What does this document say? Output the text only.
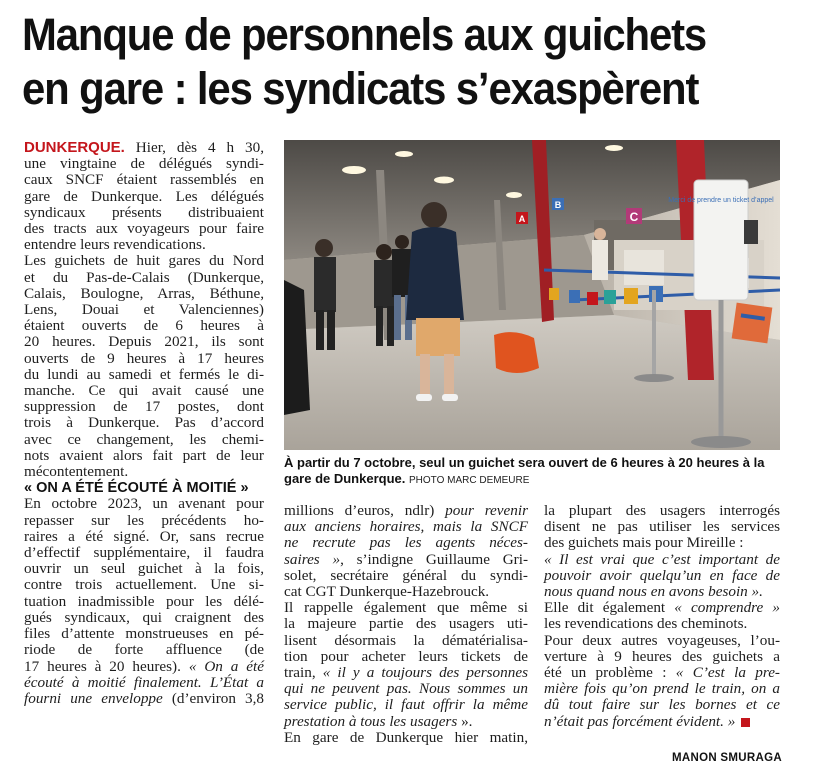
Manque de personnels aux guichets
en gare : les syndicats s’exaspèrent

DUNKERQUE. Hier, dès 4 h 30,
une vingtaine de délégués syndi-
caux SNCF étaient rassemblés en
gare de Dunkerque. Les délégués
syndicaux présents distribuaient
des tracts aux voyageurs pour faire
entendre leurs revendications.

Les guichets de huit gares du Nord
et du Pas-de-Calais (Dunkerque,
Calais, Boulogne, Arras, Béthune,
Lens, Douai et Valenciennes)
étaient ouverts de 6 heures à
20 heures. Depuis 2021, ils sont
ouverts de 9 heures à 17 heures
du lundi au samedi et fermés le di-
manche. Ce qui avait causé une
suppression de 17 postes, dont
trois à Dunkerque. Pas d’accord
avec ce changement, les chemi-
nots avaient alors fait part de leur
mécontentement.

« ON A ÉTÉ ÉCOUTÉ À MOITIÉ »

En octobre 2023, un avenant pour
repasser sur les précédents ho-
raires a été signé. Or, sans recrue
d’effectif supplémentaire, il faudra
ouvrir un seul guichet à la fois,
contre trois actuellement. Une si-
tuation inadmissible pour les délé-
gués syndicaux, qui craignent des
files d’attente monstrueuses en pé-
riode de forte affluence (de
17 heures à 20 heures). « On a été
écouté à moitié finalement. L’État a
fourni une enveloppe (d’environ 3,8

C
B
A
Merci de prendre un ticket d’appel
À partir du 7 octobre, seul un guichet sera ouvert de 6 heures à 20 heures à la gare de Dunkerque. PHOTO MARC DEMEURE
millions d’euros, ndlr) pour revenir
aux anciens horaires, mais la SNCF
ne recrute pas les agents néces-
saires », s’indigne Guillaume Gri-
solet, secrétaire général du syndi-
cat CGT Dunkerque-Hazebrouck.
Il rappelle également que même si
la majeure partie des usagers uti-
lisent désormais la dématérialisa-
tion pour acheter leurs tickets de
train, « il y a toujours des personnes
qui ne peuvent pas. Nous sommes un
service public, il faut offrir la même
prestation à tous les usagers ».
En gare de Dunkerque hier matin,
la plupart des usagers interrogés
disent ne pas utiliser les services
des guichets mais pour Mireille :
« Il est vrai que c’est important de
pouvoir avoir quelqu’un en face de
nous quand nous en avons besoin ».
Elle dit également « comprendre »
les revendications des cheminots.
Pour deux autres voyageuses, l’ou-
verture à 9 heures des guichets a
été un problème : « C’est la pre-
mière fois qu’on prend le train, on a
dû tout faire sur les bornes et ce
n’était pas forcément évident. »
MANON SMURAGA
